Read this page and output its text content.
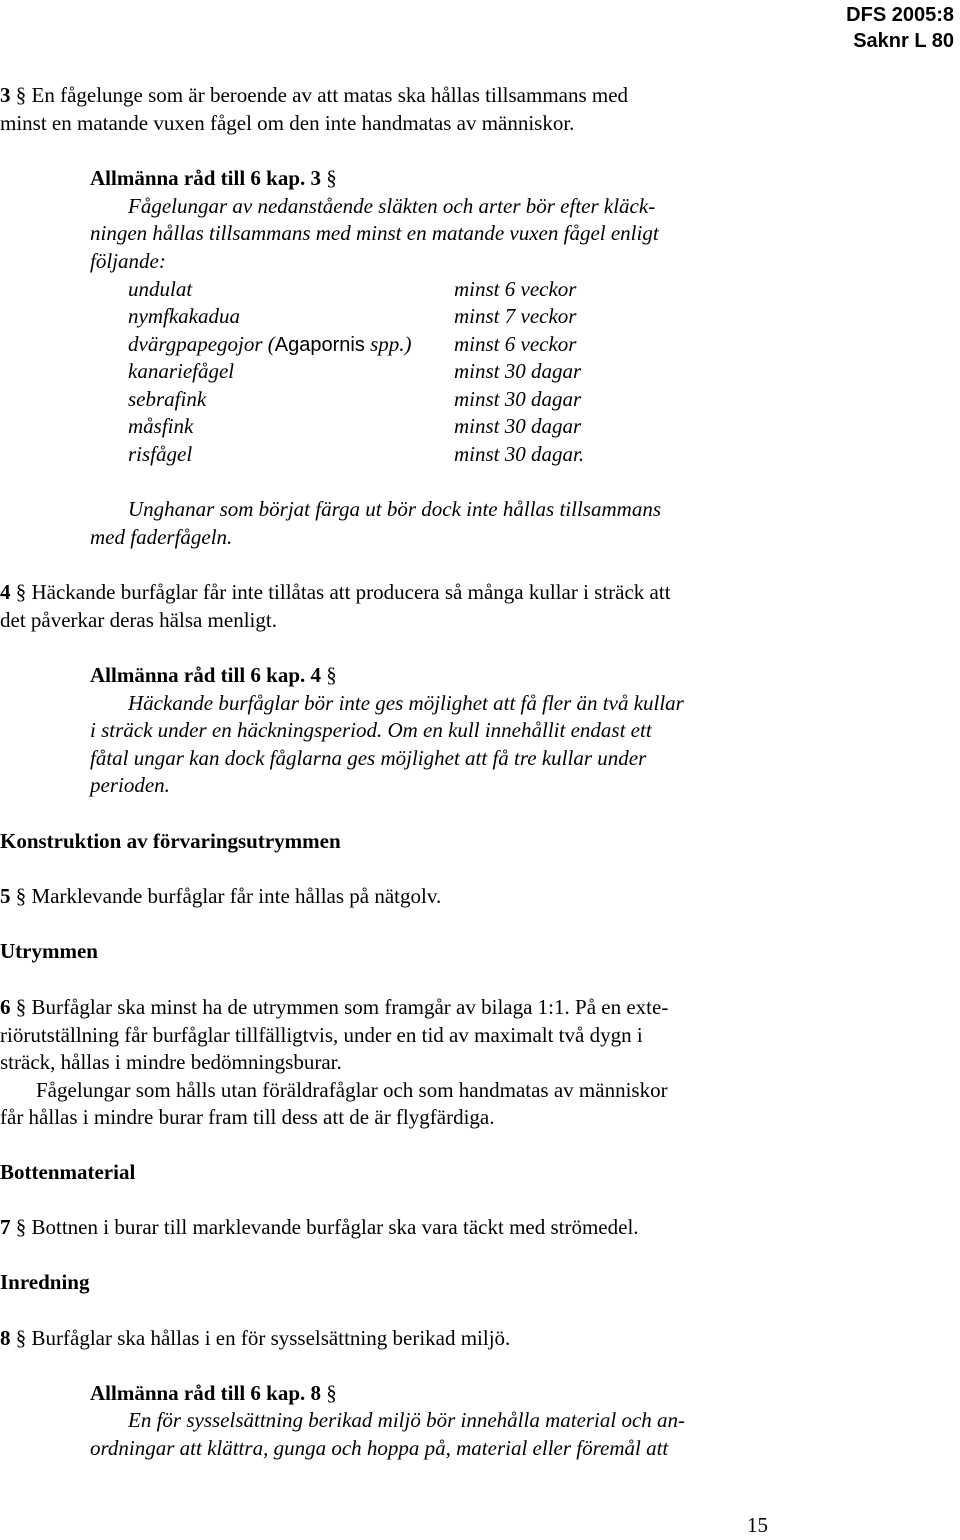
DFS 2005:8
Saknr L 80

3 § En fågelunge som är beroende av att matas ska hållas tillsammans med
minst en matande vuxen fågel om den inte handmatas av människor.

Allmänna råd till 6 kap. 3 §

Fågelungar av nedanstående släkten och arter bör efter kläck-

ningen hållas tillsammans med minst en matande vuxen fågel enligt
följande:

undulat	minst 6 veckor
nymfkakadua	minst 7 veckor
dvärgpapegojor (Agapornis spp.) minst 6 veckor
kanariefågel	minst 30 dagar
sebrafink	minst 30 dagar
måsfink	minst 30 dagar
risfågel	minst 30 dagar.

Unghanar som börjat färga ut bör dock inte hållas tillsammans

med faderfågeln.

4 § Häckande burfåglar får inte tillåtas att producera så många kullar i sträck att
det påverkar deras hälsa menligt.

Allmänna råd till 6 kap. 4 §

Häckande burfåglar bör inte ges möjlighet att få fler än två kullar

i sträck under en häckningsperiod. Om en kull innehållit endast ett
fåtal ungar kan dock fåglarna ges möjlighet att få tre kullar under
perioden.

Konstruktion av förvaringsutrymmen

5 § Marklevande burfåglar får inte hållas på nätgolv.

Utrymmen

6 § Burfåglar ska minst ha de utrymmen som framgår av bilaga 1:1. På en exte-
riörutställning får burfåglar tillfälligtvis, under en tid av maximalt två dygn i
sträck, hållas i mindre bedömningsburar.
Fågelungar som hålls utan föräldrafåglar och som handmatas av människor
får hållas i mindre burar fram till dess att de är flygfärdiga.

Bottenmaterial

7 § Bottnen i burar till marklevande burfåglar ska vara täckt med strömedel.

Inredning

8 § Burfåglar ska hållas i en för sysselsättning berikad miljö.

Allmänna råd till 6 kap. 8 §

En för sysselsättning berikad miljö bör innehålla material och an-

ordningar att klättra, gunga och hoppa på, material eller föremål att

15
